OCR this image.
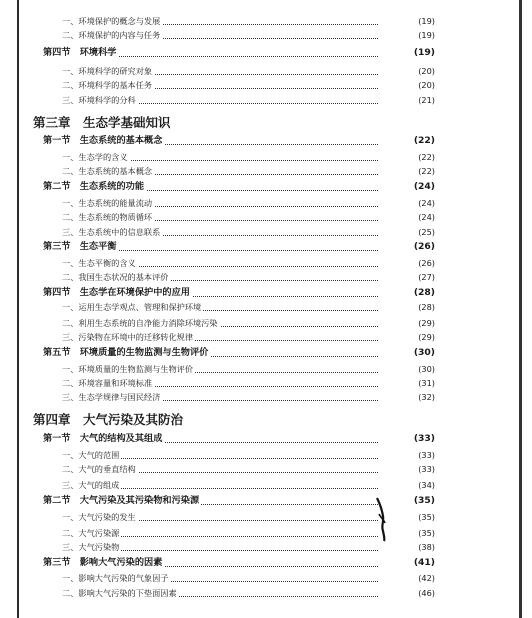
一、环境保护的概念与发展	(19)
二、环境保护的内容与任务	(19)
第四节　环境科学	(19)
一、环境科学的研究对象	(20)
二、环境科学的基本任务	(20)
三、环境科学的分科	(21)
第三章　生态学基础知识
第一节　生态系统的基本概念	(22)
一、生态学的含义	(22)
二、生态系统的基本概念	(22)
第二节　生态系统的功能	(24)
一、生态系统的能量流动	(24)
二、生态系统的物质循环	(24)
三、生态系统中的信息联系	(25)
第三节　生态平衡	(26)
一、生态平衡的含义	(26)
二、我国生态状况的基本评价	(27)
第四节　生态学在环境保护中的应用	(28)
一、运用生态学观点、管理和保护环境	(28)
二、利用生态系统的自净能力消除环境污染	(29)
三、污染物在环境中的迁移转化规律	(29)
第五节　环境质量的生物监测与生物评价	(30)
一、环境质量的生物监测与生物评价	(30)
二、环境容量和环境标准	(31)
三、生态学规律与国民经济	(32)
第四章　大气污染及其防治
第一节　大气的结构及其组成	(33)
一、大气的范围	(33)
二、大气的垂直结构	(33)
三、大气的组成	(34)
第二节　大气污染及其污染物和污染源	(35)
一、大气污染的发生	(35)
二、大气污染源	(35)
三、大气污染物	(38)
第三节　影响大气污染的因素	(41)
一、影响大气污染的气象因子	(42)
二、影响大气污染的下垫面因素	(46)
